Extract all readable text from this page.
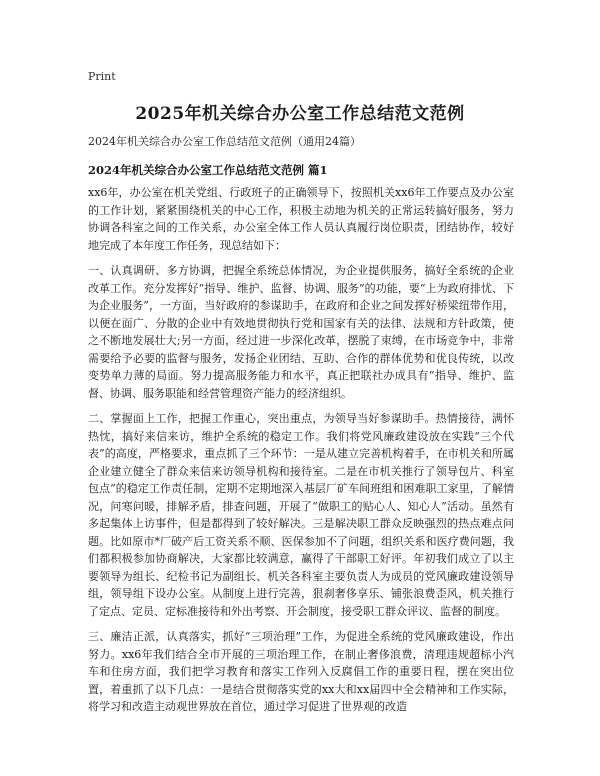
Print
2025年机关综合办公室工作总结范文范例
2024年机关综合办公室工作总结范文范例（通用24篇）
2024年机关综合办公室工作总结范文范例 篇1

xx6年，办公室在机关党组、行政班子的正确领导下，按照机关xx6年工作要点及办公室的工作计划，紧紧围绕机关的中心工作，积极主动地为机关的正常运转搞好服务，努力协调各科室之间的工作关系，办公室全体工作人员认真履行岗位职责，团结协作，较好地完成了本年度工作任务，现总结如下：

一、认真调研、多方协调，把握全系统总体情况，为企业提供服务，搞好全系统的企业改革工作。充分发挥好“指导、维护、监督、协调、服务”的功能，要“上为政府排忧、下为企业服务”，一方面，当好政府的参谋助手，在政府和企业之间发挥好桥梁纽带作用，以便在面广、分散的企业中有效地贯彻执行党和国家有关的法律、法规和方针政策，使之不断地发展壮大;另一方面，经过进一步深化改革，摆脱了束缚，在市场竞争中，非常需要给予必要的监督与服务，发扬企业团结、互助、合作的群体优势和优良传统，以改变势单力薄的局面。努力提高服务能力和水平，真正把联社办成具有“指导、维护、监督、协调、服务职能和经营管理资产能力的经济组织。

二、掌握面上工作，把握工作重心，突出重点，为领导当好参谋助手。热情接待，满怀热忱，搞好来信来访，维护全系统的稳定工作。我们将党风廉政建设放在实践“三个代表”的高度，严格要求，重点抓了三个环节：一是从建立完善机构着手，在市机关和所属企业建立健全了群众来信来访领导机构和接待室。二是在市机关推行了领导包片、科室包点”的稳定工作责任制，定期不定期地深入基层厂矿车间班组和困难职工家里，了解情况，问寒问暖，排解矛盾，排查问题，开展了“做职工的贴心人、知心人”活动。虽然有多起集体上访事件，但是都得到了较好解决。三是解决职工群众反映强烈的热点难点问题。比如原市*厂破产后工资关系不顺、医保参加不了问题，组织关系和医疗费问题，我们都积极参加协商解决，大家都比较满意，赢得了干部职工好评。年初我们成立了以主要领导为组长、纪检书记为副组长、机关各科室主要负责人为成员的党风廉政建设领导组，领导组下设办公室。从制度上进行完善，狠刹奢侈享乐、铺张浪费歪风，机关推行了定点、定员、定标准接待和外出考察、开会制度，接受职工群众评议、监督的制度。

三、廉洁正派，认真落实，抓好“三项治理”工作，为促进全系统的党风廉政建设，作出努力。xx6年我们结合全市开展的三项治理工作，在制止奢侈浪费，清理违规超标小汽车和住房方面，我们把学习教育和落实工作列入反腐倡工作的重要日程，摆在突出位置，着重抓了以下几点：一是结合贯彻落实党的xx大和xx届四中全会精神和工作实际，将学习和改造主动观世界放在首位，通过学习促进了世界观的改造
